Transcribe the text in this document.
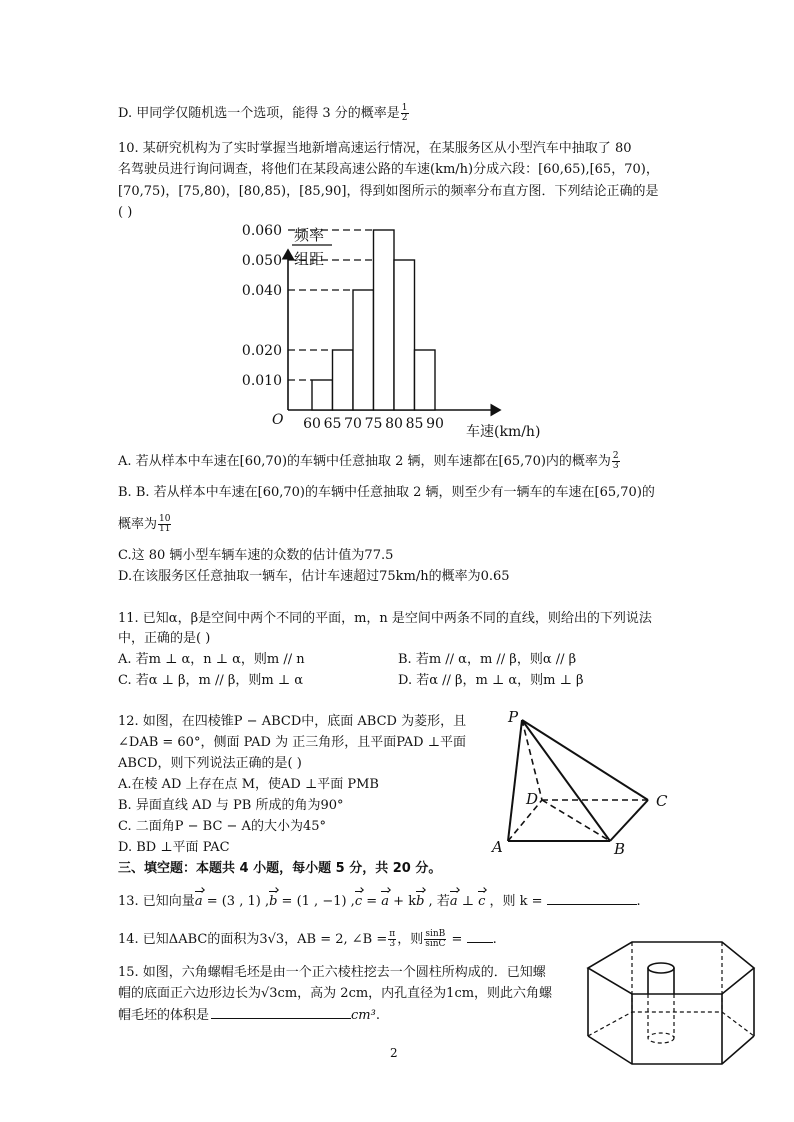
D. 甲同学仅随机选一个选项，能得 3 分的概率是 $\frac{1}{2}$
10. 某研究机构为了实时掌握当地新增高速运行情况，在某服务区从小型汽车中抽取了 80
名驾驶员进行询问调查，将他们在某段高速公路的车速(km/h)分成六段：[60,65),[65，70)，
[70,75)，[75,80)，[80,85)，[85,90]，得到如图所示的频率分布直方图．下列结论正确的是
( )
0.060
0.050
0.040
0.020
0.010
60 65 70 75 80 85 90
O
频率
组距
车速(km/h)
A. 若从样本中车速在[60,70)的车辆中任意抽取 2 辆，则车速都在[65,70)内的概率为 $\frac{2}{3}$
B. B. 若从样本中车速在[60,70)的车辆中任意抽取 2 辆，则至少有一辆车的车速在[65,70)的
概率为 $\frac{10}{11}$
C.这 80 辆小型车辆车速的众数的估计值为77.5
D.在该服务区任意抽取一辆车，估计车速超过75km/h的概率为0.65
11. 已知α，β是空间中两个不同的平面，m，n 是空间中两条不同的直线，则给出的下列说法
中，正确的是( )
A. 若m ⊥ α，n ⊥ α，则m // n	B. 若m // α，m // β，则α // β
C. 若α ⊥ β，m // β，则m ⊥ α	D. 若α // β，m ⊥ α，则m ⊥ β
12. 如图，在四棱锥P − ABCD中，底面 ABCD 为菱形，且
∠DAB = 60°，侧面 PAD 为 正三角形，且平面PAD ⊥平面
ABCD，则下列说法正确的是( )
A.在棱 AD 上存在点 M，使AD ⊥平面 PMB
B. 异面直线 AD 与 PB 所成的角为90°
C. 二面角P − BC − A的大小为45°
D. BD ⊥平面 PAC
P
A	B
C
D
三、填空题：本题共 4 小题，每小题 5 分，共 20 分。
13. 已知向量a = (3 , 1) ,b = (1 , −1) ,c = a + kb , 若a ⊥ c ，则 k =	.
14. 已知ΔABC的面积为3√3，AB = 2, ∠B = $\frac{\pi}{3}$ ，则 $\frac{\sin B}{\sin C}$ = .
15. 如图，六角螺帽毛坯是由一个正六棱柱挖去一个圆柱所构成的．已知螺
帽的底面正六边形边长为√3cm，高为 2cm，内孔直径为1cm，则此六角螺
帽毛坯的体积是	cm³.
2
